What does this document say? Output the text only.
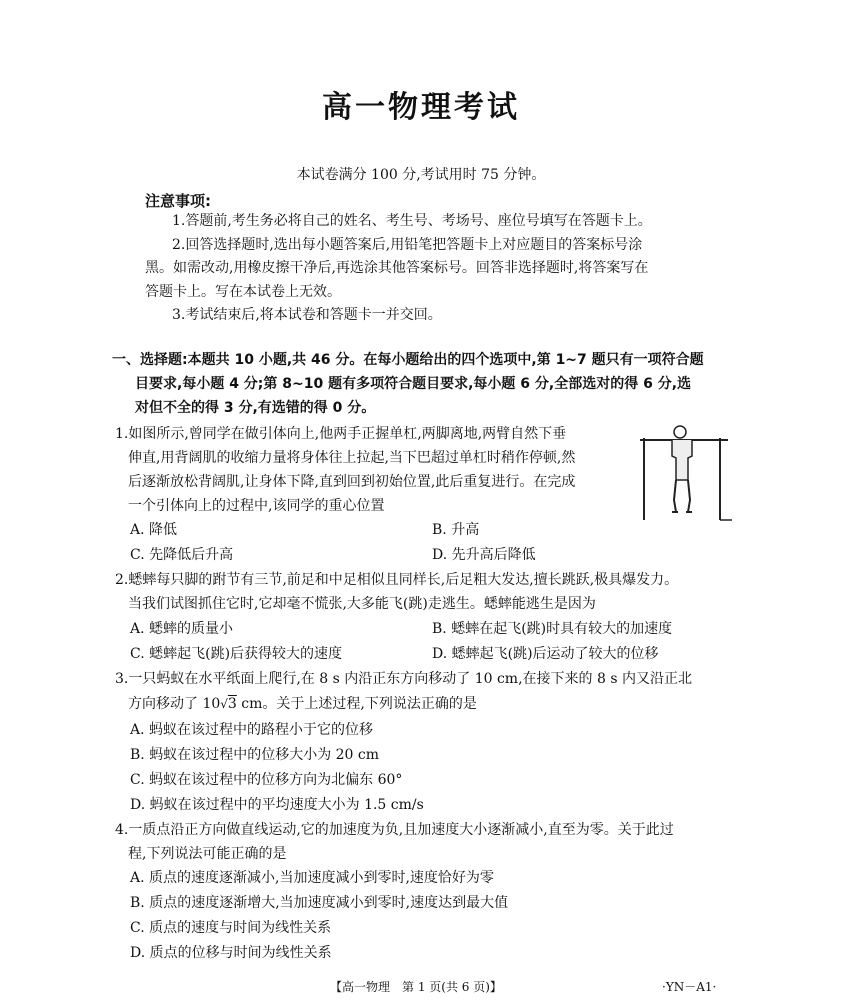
高一物理考试
本试卷满分 100 分,考试用时 75 分钟。
注意事项:
1.答题前,考生务必将自己的姓名、考生号、考场号、座位号填写在答题卡上。
2.回答选择题时,选出每小题答案后,用铅笔把答题卡上对应题目的答案标号涂
黑。如需改动,用橡皮擦干净后,再选涂其他答案标号。回答非选择题时,将答案写在
答题卡上。写在本试卷上无效。
3.考试结束后,将本试卷和答题卡一并交回。
一、选择题:本题共 10 小题,共 46 分。在每小题给出的四个选项中,第 1~7 题只有一项符合题
目要求,每小题 4 分;第 8~10 题有多项符合题目要求,每小题 6 分,全部选对的得 6 分,选
对但不全的得 3 分,有选错的得 0 分。
1.如图所示,曾同学在做引体向上,他两手正握单杠,两脚离地,两臂自然下垂
伸直,用背阔肌的收缩力量将身体往上拉起,当下巴超过单杠时稍作停顿,然
后逐渐放松背阔肌,让身体下降,直到回到初始位置,此后重复进行。在完成
一个引体向上的过程中,该同学的重心位置
A. 降低	B. 升高
C. 先降低后升高	D. 先升高后降低
2.蟋蟀每只脚的跗节有三节,前足和中足相似且同样长,后足粗大发达,擅长跳跃,极具爆发力。
当我们试图抓住它时,它却毫不慌张,大多能飞(跳)走逃生。蟋蟀能逃生是因为
A. 蟋蟀的质量小	B. 蟋蟀在起飞(跳)时具有较大的加速度
C. 蟋蟀起飞(跳)后获得较大的速度	D. 蟋蟀起飞(跳)后运动了较大的位移
3.一只蚂蚁在水平纸面上爬行,在 8 s 内沿正东方向移动了 10 cm,在接下来的 8 s 内又沿正北
方向移动了 10√3 cm。关于上述过程,下列说法正确的是
A. 蚂蚁在该过程中的路程小于它的位移
B. 蚂蚁在该过程中的位移大小为 20 cm
C. 蚂蚁在该过程中的位移方向为北偏东 60°
D. 蚂蚁在该过程中的平均速度大小为 1.5 cm/s
4.一质点沿正方向做直线运动,它的加速度为负,且加速度大小逐渐减小,直至为零。关于此过
程,下列说法可能正确的是
A. 质点的速度逐渐减小,当加速度减小到零时,速度恰好为零
B. 质点的速度逐渐增大,当加速度减小到零时,速度达到最大值
C. 质点的速度与时间为线性关系
D. 质点的位移与时间为线性关系
【高一物理　第 1 页(共 6 页)】	·YN－A1·
